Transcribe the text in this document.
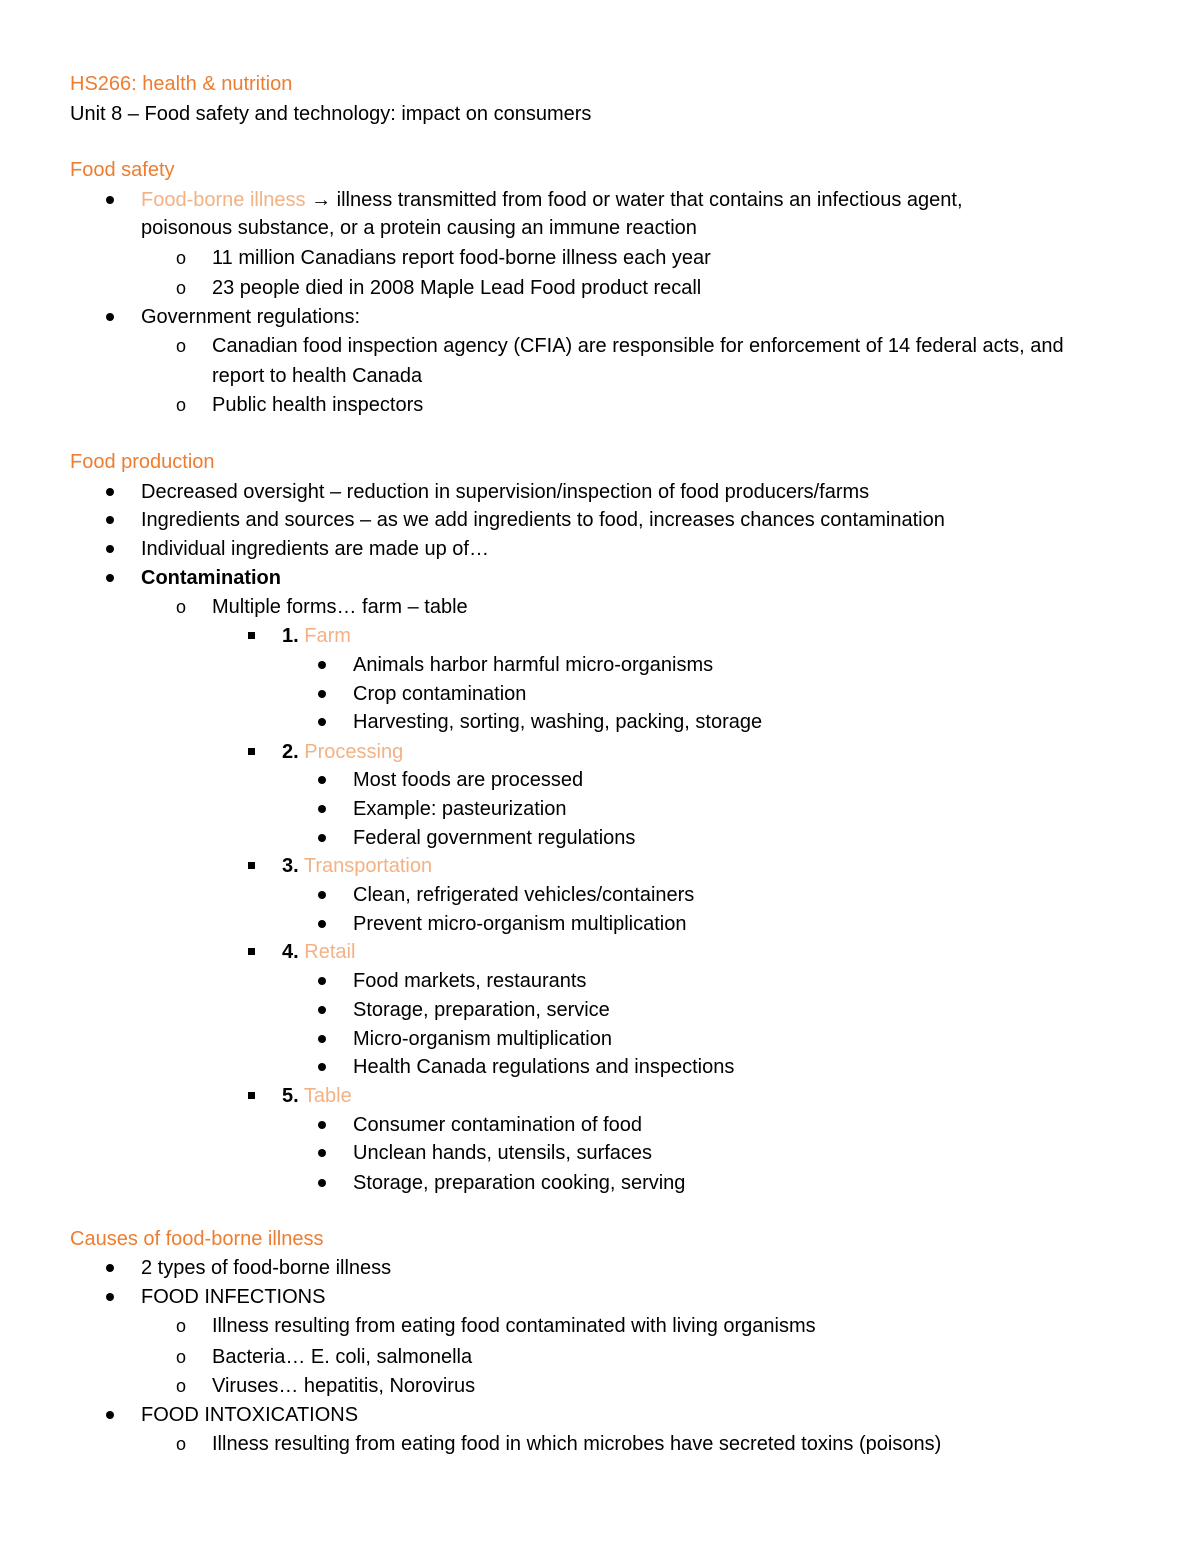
HS266: health & nutrition
Unit 8 – Food safety and technology: impact on consumers
Food safety
Food-borne illness → illness transmitted from food or water that contains an infectious agent,
poisonous substance, or a protein causing an immune reaction
o 11 million Canadians report food-borne illness each year
o 23 people died in 2008 Maple Lead Food product recall
Government regulations:
o Canadian food inspection agency (CFIA) are responsible for enforcement of 14 federal acts, and
report to health Canada
o Public health inspectors
Food production
Decreased oversight – reduction in supervision/inspection of food producers/farms
Ingredients and sources – as we add ingredients to food, increases chances contamination
Individual ingredients are made up of…
Contamination
o Multiple forms… farm – table
1. Farm
Animals harbor harmful micro-organisms
Crop contamination
Harvesting, sorting, washing, packing, storage
2. Processing
Most foods are processed
Example: pasteurization
Federal government regulations
3. Transportation
Clean, refrigerated vehicles/containers
Prevent micro-organism multiplication
4. Retail
Food markets, restaurants
Storage, preparation, service
Micro-organism multiplication
Health Canada regulations and inspections
5. Table
Consumer contamination of food
Unclean hands, utensils, surfaces
Storage, preparation cooking, serving
Causes of food-borne illness
2 types of food-borne illness
FOOD INFECTIONS
o Illness resulting from eating food contaminated with living organisms
o Bacteria… E. coli, salmonella
o Viruses… hepatitis, Norovirus
FOOD INTOXICATIONS
o Illness resulting from eating food in which microbes have secreted toxins (poisons)
